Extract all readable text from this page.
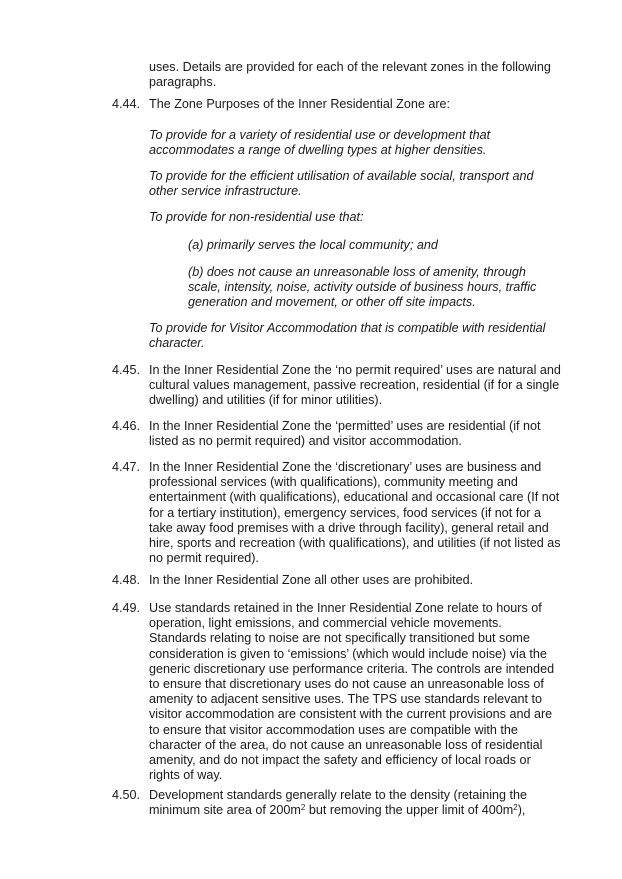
uses. Details are provided for each of the relevant zones in the following paragraphs.

4.44. The Zone Purposes of the Inner Residential Zone are:

To provide for a variety of residential use or development that accommodates a range of dwelling types at higher densities.

To provide for the efficient utilisation of available social, transport and other service infrastructure.

To provide for non-residential use that:

(a) primarily serves the local community; and

(b) does not cause an unreasonable loss of amenity, through scale, intensity, noise, activity outside of business hours, traffic generation and movement, or other off site impacts.

To provide for Visitor Accommodation that is compatible with residential character.

4.45. In the Inner Residential Zone the ‘no permit required’ uses are natural and cultural values management, passive recreation, residential (if for a single dwelling) and utilities (if for minor utilities).

4.46. In the Inner Residential Zone the ‘permitted’ uses are residential (if not listed as no permit required) and visitor accommodation.

4.47. In the Inner Residential Zone the ‘discretionary’ uses are business and professional services (with qualifications), community meeting and entertainment (with qualifications), educational and occasional care (If not for a tertiary institution), emergency services, food services (if not for a take away food premises with a drive through facility), general retail and hire, sports and recreation (with qualifications), and utilities (if not listed as no permit required).

4.48. In the Inner Residential Zone all other uses are prohibited.

4.49. Use standards retained in the Inner Residential Zone relate to hours of operation, light emissions, and commercial vehicle movements. Standards relating to noise are not specifically transitioned but some consideration is given to ‘emissions’ (which would include noise) via the generic discretionary use performance criteria. The controls are intended to ensure that discretionary uses do not cause an unreasonable loss of amenity to adjacent sensitive uses. The TPS use standards relevant to visitor accommodation are consistent with the current provisions and are to ensure that visitor accommodation uses are compatible with the character of the area, do not cause an unreasonable loss of residential amenity, and do not impact the safety and efficiency of local roads or rights of way.

4.50. Development standards generally relate to the density (retaining the minimum site area of $200m^2$ but removing the upper limit of $400m^2$),
